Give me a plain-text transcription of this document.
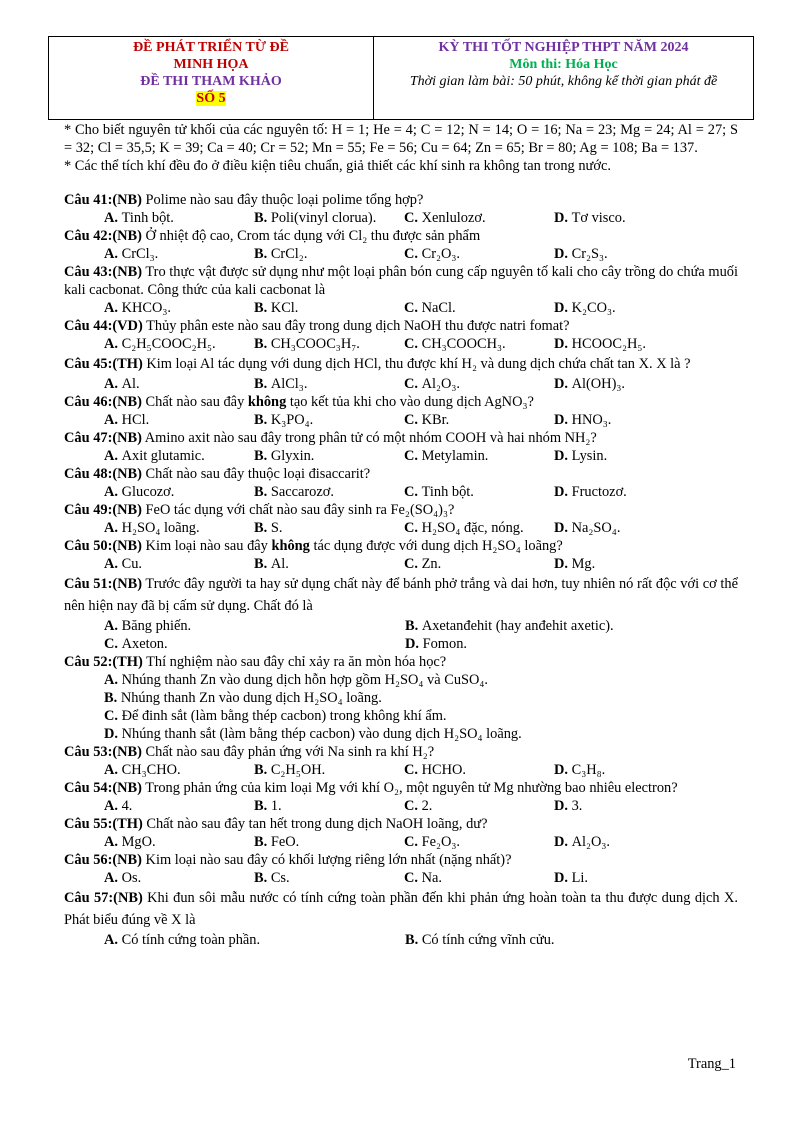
ĐỀ PHÁT TRIỂN TỪ ĐỀ
MINH HỌA
ĐỀ THI THAM KHẢO
SỐ 5
KỲ THI TỐT NGHIỆP THPT NĂM 2024
Môn thi: Hóa Học
Thời gian làm bài: 50 phút, không kể thời gian phát đề
* Cho biết nguyên tử khối của các nguyên tố: H = 1; He = 4; C = 12; N = 14; O = 16; Na = 23; Mg = 24; Al = 27; S = 32; Cl = 35,5; K = 39; Ca = 40; Cr = 52; Mn = 55; Fe = 56; Cu = 64; Zn = 65; Br = 80; Ag = 108; Ba = 137.
* Các thể tích khí đều đo ở điều kiện tiêu chuẩn, giả thiết các khí sinh ra không tan trong nước.
Câu 41:(NB) Polime nào sau đây thuộc loại polime tổng hợp?
A. Tinh bột.	B. Poli(vinyl clorua).	C. Xenlulozơ.	D. Tơ visco.
Câu 42:(NB) Ở nhiệt độ cao, Crom tác dụng với Cl₂ thu được sản phẩm
A. CrCl₃.	B. CrCl₂.	C. Cr₂O₃.	D. Cr₂S₃.
Câu 43:(NB) Tro thực vật được sử dụng như một loại phân bón cung cấp nguyên tố kali cho cây trồng do chứa muối kali cacbonat. Công thức của kali cacbonat là
A. KHCO₃.	B. KCl.	C. NaCl.	D. K₂CO₃.
Câu 44:(VD) Thủy phân este nào sau đây trong dung dịch NaOH thu được natri fomat?
A. C₂H₅COOC₂H₅.	B. CH₃COOC₃H₇.	C. CH₃COOCH₃.	D. HCOOC₂H₅.
Câu 45:(TH) Kim loại Al tác dụng với dung dịch HCl, thu được khí H₂ và dung dịch chứa chất tan X. X là ?
A. Al.	B. AlCl₃.	C. Al₂O₃.	D. Al(OH)₃.
Câu 46:(NB) Chất nào sau đây không tạo kết tủa khi cho vào dung dịch AgNO₃?
A. HCl.	B. K₃PO₄.	C. KBr.	D. HNO₃.
Câu 47:(NB) Amino axit nào sau đây trong phân tử có một nhóm COOH và hai nhóm NH₂?
A. Axit glutamic.	B. Glyxin.	C. Metylamin.	D. Lysin.
Câu 48:(NB) Chất nào sau đây thuộc loại đisaccarit?
A. Glucozơ.	B. Saccarozơ.	C. Tinh bột.	D. Fructozơ.
Câu 49:(NB) FeO tác dụng với chất nào sau đây sinh ra Fe₂(SO₄)₃?
A. H₂SO₄ loãng.	B. S.	C. H₂SO₄ đặc, nóng.	D. Na₂SO₄.
Câu 50:(NB) Kim loại nào sau đây không tác dụng được với dung dịch H₂SO₄ loãng?
A. Cu.	B. Al.	C. Zn.	D. Mg.
Câu 51:(NB) Trước đây người ta hay sử dụng chất này để bánh phở trắng và dai hơn, tuy nhiên nó rất độc với cơ thể nên hiện nay đã bị cấm sử dụng. Chất đó là
A. Băng phiến.	B. Axetanđehit (hay anđehit axetic).
C. Axeton.	D. Fomon.
Câu 52:(TH) Thí nghiệm nào sau đây chỉ xảy ra ăn mòn hóa học?
A. Nhúng thanh Zn vào dung dịch hỗn hợp gồm H₂SO₄ và CuSO₄.
B. Nhúng thanh Zn vào dung dịch H₂SO₄ loãng.
C. Để đinh sắt (làm bằng thép cacbon) trong không khí ẩm.
D. Nhúng thanh sắt (làm bằng thép cacbon) vào dung dịch H₂SO₄ loãng.
Câu 53:(NB) Chất nào sau đây phản ứng với Na sinh ra khí H₂?
A. CH₃CHO.	B. C₂H₅OH.	C. HCHO.	D. C₃H₈.
Câu 54:(NB) Trong phản ứng của kim loại Mg với khí O₂, một nguyên tử Mg nhường bao nhiêu electron?
A. 4.	B. 1.	C. 2.	D. 3.
Câu 55:(TH) Chất nào sau đây tan hết trong dung dịch NaOH loãng, dư?
A. MgO.	B. FeO.	C. Fe₂O₃.	D. Al₂O₃.
Câu 56:(NB) Kim loại nào sau đây có khối lượng riêng lớn nhất (nặng nhất)?
A. Os.	B. Cs.	C. Na.	D. Li.
Câu 57:(NB) Khi đun sôi mẫu nước có tính cứng toàn phần đến khi phản ứng hoàn toàn ta thu được dung dịch X. Phát biểu đúng về X là
A. Có tính cứng toàn phần.	B. Có tính cứng vĩnh cửu.
Trang_1
